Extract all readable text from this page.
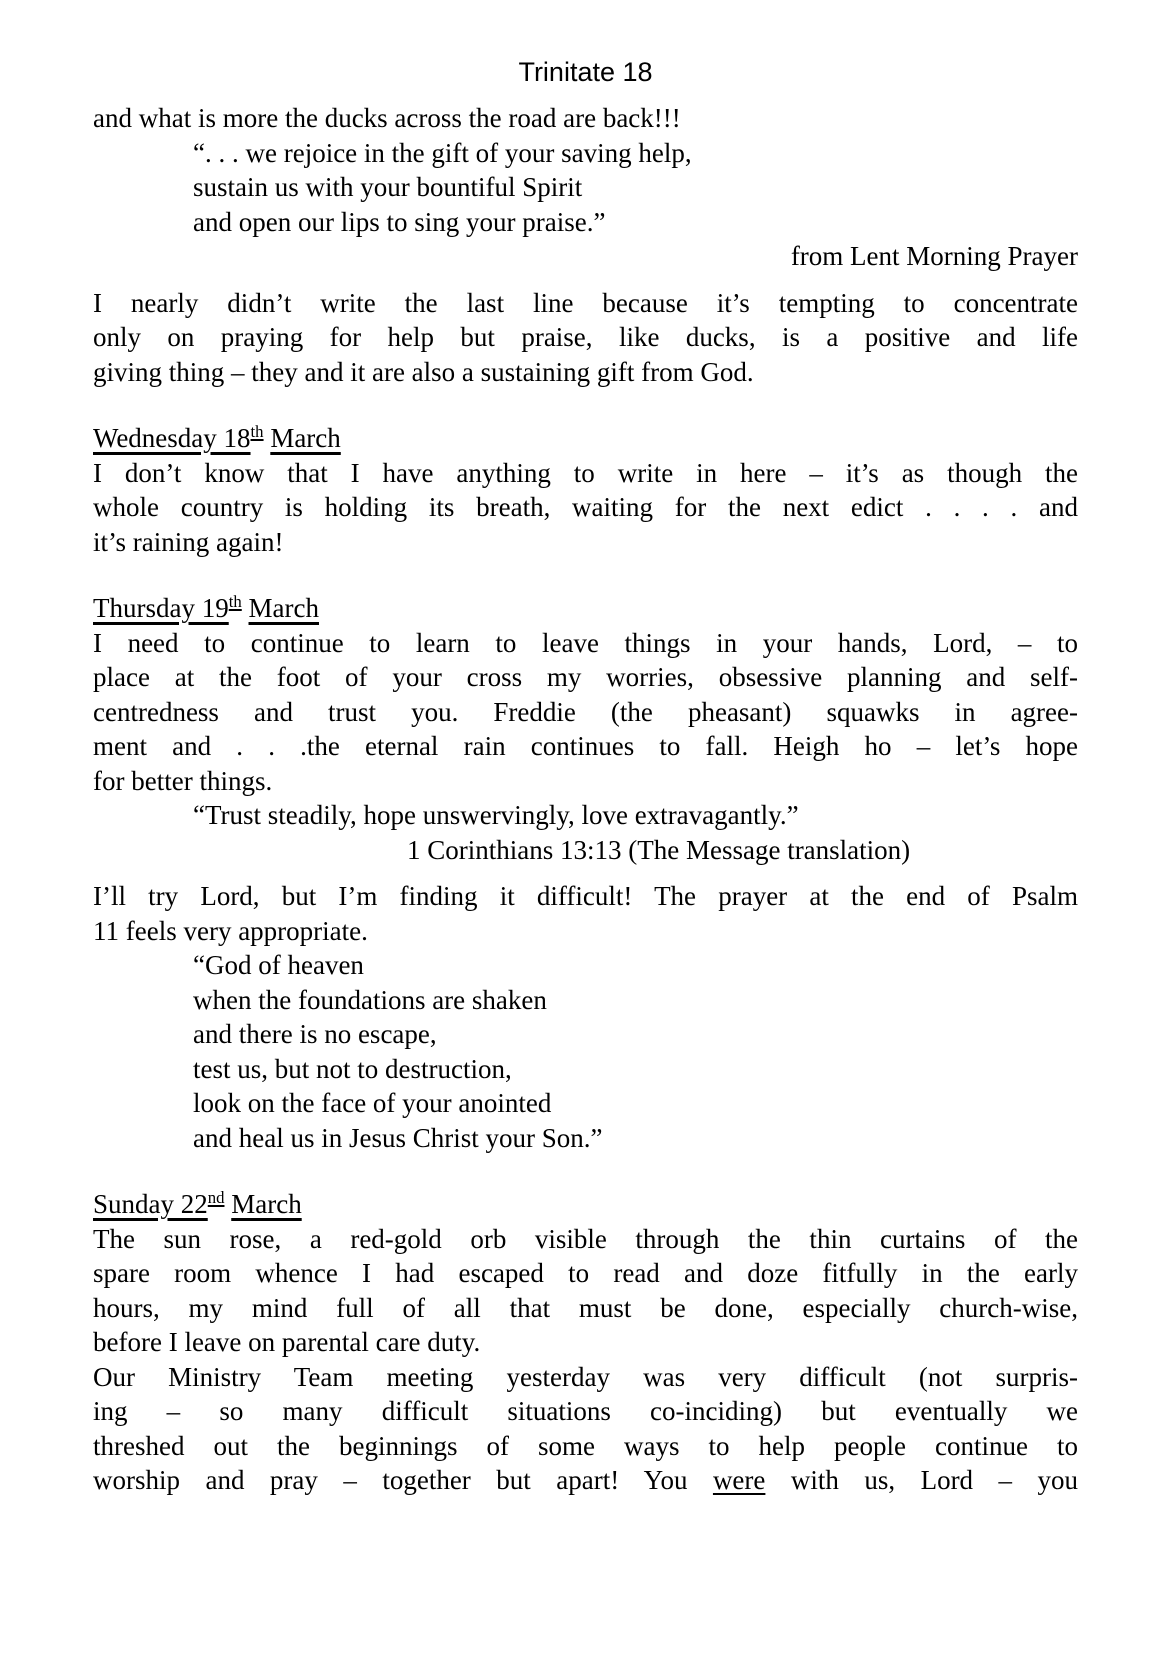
Trinitate 18
and what is more the ducks across the road are back!!!
“. . . we rejoice in the gift of your saving help,
sustain us with your bountiful Spirit
and open our lips to sing your praise.”
from Lent Morning Prayer
I nearly didn’t write the last line because it’s tempting to concentrate
only on praying for help but praise, like ducks, is a positive and life
giving thing – they and it are also a sustaining gift from God.
Wednesday 18th March
I don’t know that I have anything to write in here – it’s as though the
whole country is holding its breath, waiting for the next edict . . . . and
it’s raining again!
Thursday 19th March
I need to continue to learn to leave things in your hands, Lord, – to
place at the foot of your cross my worries, obsessive planning and self-
centredness and trust you. Freddie (the pheasant) squawks in agree-
ment and . . .the eternal rain continues to fall. Heigh ho – let’s hope
for better things.
“Trust steadily, hope unswervingly, love extravagantly.”
1 Corinthians 13:13 (The Message translation)
I’ll try Lord, but I’m finding it difficult! The prayer at the end of Psalm
11 feels very appropriate.
“God of heaven
when the foundations are shaken
and there is no escape,
test us, but not to destruction,
look on the face of your anointed
and heal us in Jesus Christ your Son.”
Sunday 22nd March
The sun rose, a red-gold orb visible through the thin curtains of the
spare room whence I had escaped to read and doze fitfully in the early
hours, my mind full of all that must be done, especially church-wise,
before I leave on parental care duty.
Our Ministry Team meeting yesterday was very difficult (not surpris-
ing – so many difficult situations co-inciding) but eventually we
threshed out the beginnings of some ways to help people continue to
worship and pray – together but apart! You were with us, Lord – you
